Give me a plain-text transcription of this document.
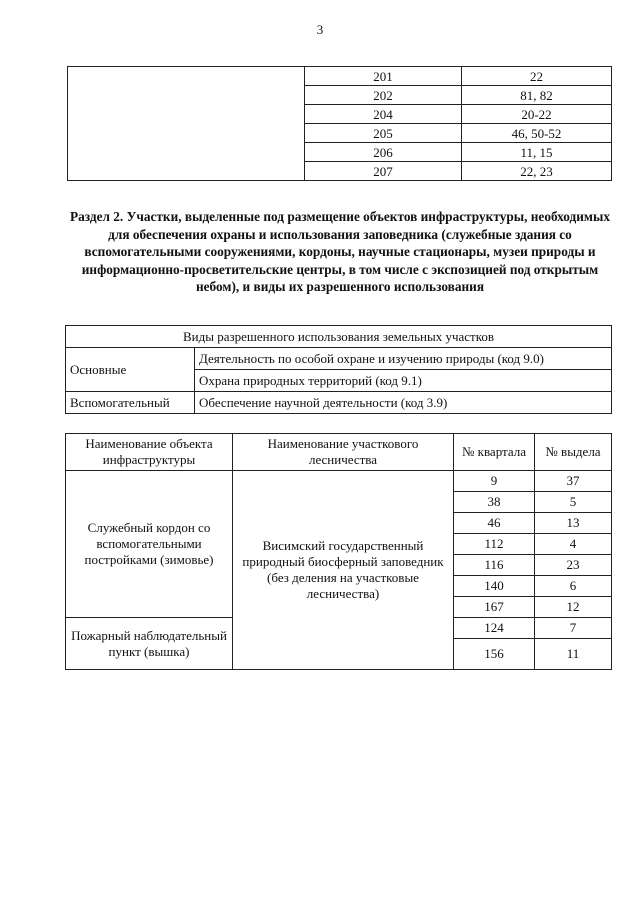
3
	201	22
	202	81, 82
	204	20-22
	205	46, 50-52
	206	11, 15
	207	22, 23
Раздел 2. Участки, выделенные под размещение объектов инфраструктуры, необходимых для обеспечения охраны и использования заповедника (служебные здания со вспомогательными сооружениями, кордоны, научные стационары, музеи природы и информационно-просветительские центры, в том числе с экспозицией под открытым небом), и виды их разрешенного использования
Виды разрешенного использования земельных участков	
Основные	Деятельность по особой охране и изучению природы (код 9.0)
	Охрана природных территорий (код 9.1)
Вспомогательный	Обеспечение научной деятельности (код 3.9)
Наименование объекта инфраструктуры	Наименование участкового лесничества	№ квартала	№ выдела
Служебный кордон со вспомогательными постройками (зимовье)	Висимский государственный природный биосферный заповедник (без деления на участковые лесничества)	9	37
		38	5
		46	13
		112	4
		116	23
		140	6
		167	12
Пожарный наблюдательный пункт (вышка)		124	7
		156	11
